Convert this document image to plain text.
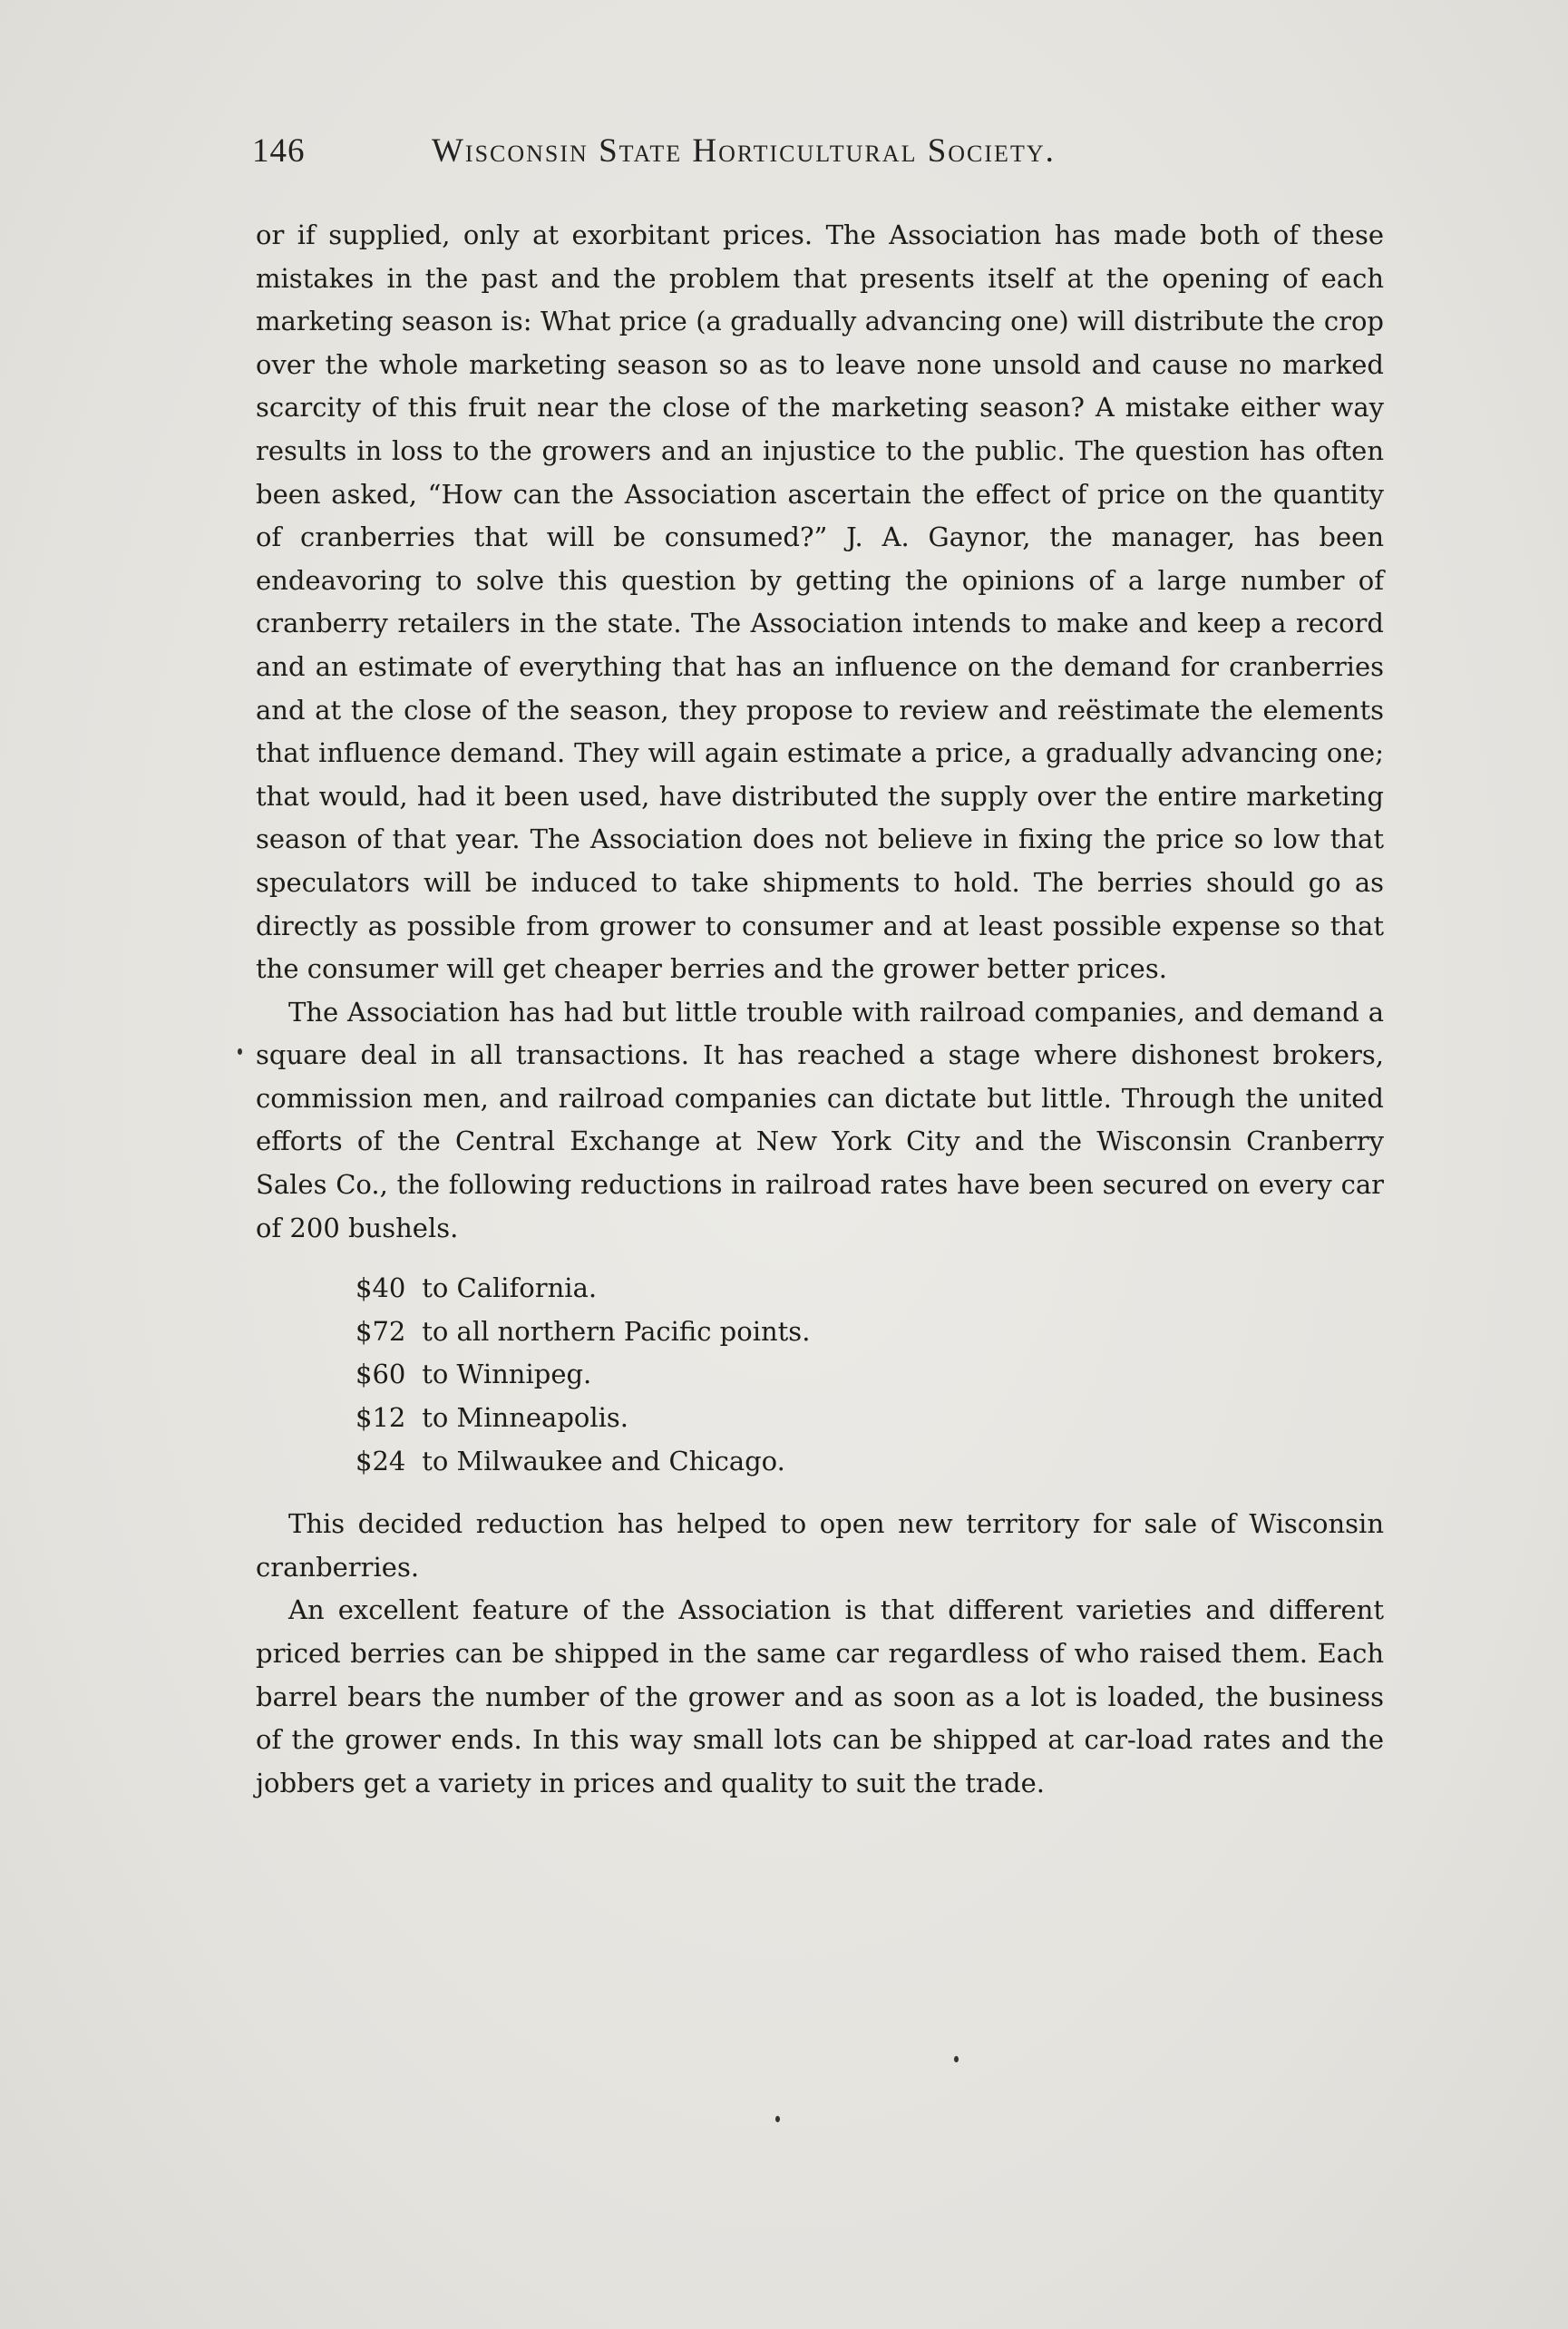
146	Wisconsin State Horticultural Society.

or if supplied, only at exorbitant prices. The Association has made both of these mistakes in the past and the problem that presents itself at the opening of each marketing season is: What price (a gradually advancing one) will distribute the crop over the whole marketing season so as to leave none unsold and cause no marked scarcity of this fruit near the close of the marketing season? A mistake either way results in loss to the growers and an injustice to the public. The question has often been asked, “How can the Association ascertain the effect of price on the quantity of cranberries that will be consumed?” J. A. Gaynor, the manager, has been endeavoring to solve this question by getting the opinions of a large number of cranberry retailers in the state. The Association intends to make and keep a record and an estimate of everything that has an influence on the demand for cranberries and at the close of the season, they propose to review and reëstimate the elements that influence demand. They will again estimate a price, a gradually advancing one; that would, had it been used, have distributed the supply over the entire marketing season of that year. The Association does not believe in fixing the price so low that speculators will be induced to take shipments to hold. The berries should go as directly as possible from grower to consumer and at least possible expense so that the consumer will get cheaper berries and the grower better prices.

The Association has had but little trouble with railroad companies, and demand a square deal in all transactions. It has reached a stage where dishonest brokers, commission men, and railroad companies can dictate but little. Through the united efforts of the Central Exchange at New York City and the Wisconsin Cranberry Sales Co., the following reductions in railroad rates have been secured on every car of 200 bushels.

$40 to California.
$72 to all northern Pacific points.
$60 to Winnipeg.
$12 to Minneapolis.
$24 to Milwaukee and Chicago.

This decided reduction has helped to open new territory for sale of Wisconsin cranberries.

An excellent feature of the Association is that different varieties and different priced berries can be shipped in the same car regardless of who raised them. Each barrel bears the number of the grower and as soon as a lot is loaded, the business of the grower ends. In this way small lots can be shipped at car-load rates and the jobbers get a variety in prices and quality to suit the trade.
